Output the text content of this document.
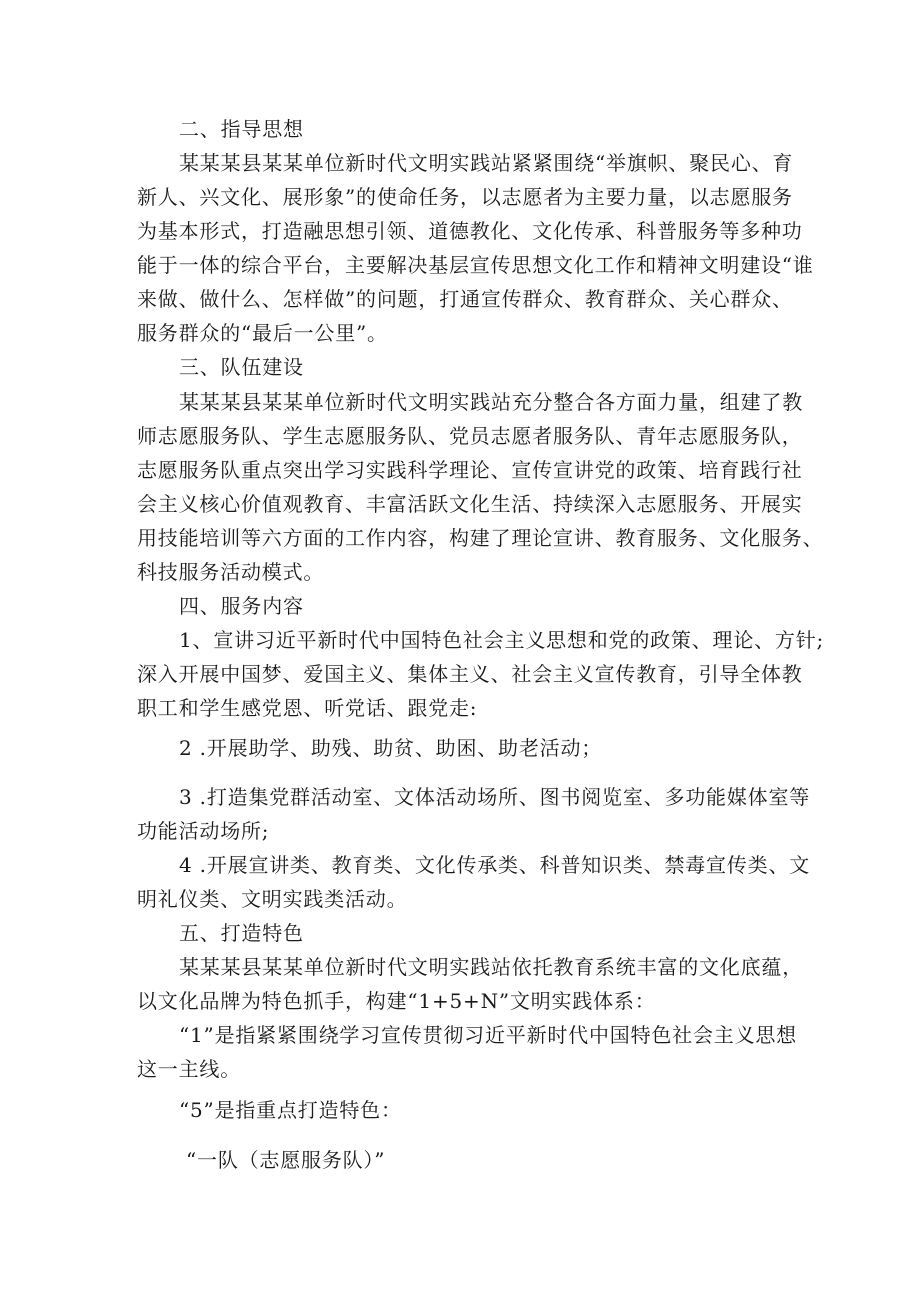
二、指导思想
某某某县某某单位新时代文明实践站紧紧围绕“举旗帜、聚民心、育
新人、兴文化、展形象”的使命任务，以志愿者为主要力量，以志愿服务
为基本形式，打造融思想引领、道德教化、文化传承、科普服务等多种功
能于一体的综合平台，主要解决基层宣传思想文化工作和精神文明建设“谁
来做、做什么、怎样做”的问题，打通宣传群众、教育群众、关心群众、
服务群众的“最后一公里”。
三、队伍建设
某某某县某某单位新时代文明实践站充分整合各方面力量，组建了教
师志愿服务队、学生志愿服务队、党员志愿者服务队、青年志愿服务队，
志愿服务队重点突出学习实践科学理论、宣传宣讲党的政策、培育践行社
会主义核心价值观教育、丰富活跃文化生活、持续深入志愿服务、开展实
用技能培训等六方面的工作内容，构建了理论宣讲、教育服务、文化服务、
科技服务活动模式。
四、服务内容
1、宣讲习近平新时代中国特色社会主义思想和党的政策、理论、方针;
深入开展中国梦、爱国主义、集体主义、社会主义宣传教育，引导全体教
职工和学生感党恩、听党话、跟党走:
2 .开展助学、助残、助贫、助困、助老活动；
3 .打造集党群活动室、文体活动场所、图书阅览室、多功能媒体室等
功能活动场所;
4 .开展宣讲类、教育类、文化传承类、科普知识类、禁毒宣传类、文
明礼仪类、文明实践类活动。
五、打造特色
某某某县某某单位新时代文明实践站依托教育系统丰富的文化底蕴，
以文化品牌为特色抓手，构建“1+5+N”文明实践体系：
“1”是指紧紧围绕学习宣传贯彻习近平新时代中国特色社会主义思想
这一主线。
“5”是指重点打造特色：
“一队（志愿服务队）”
